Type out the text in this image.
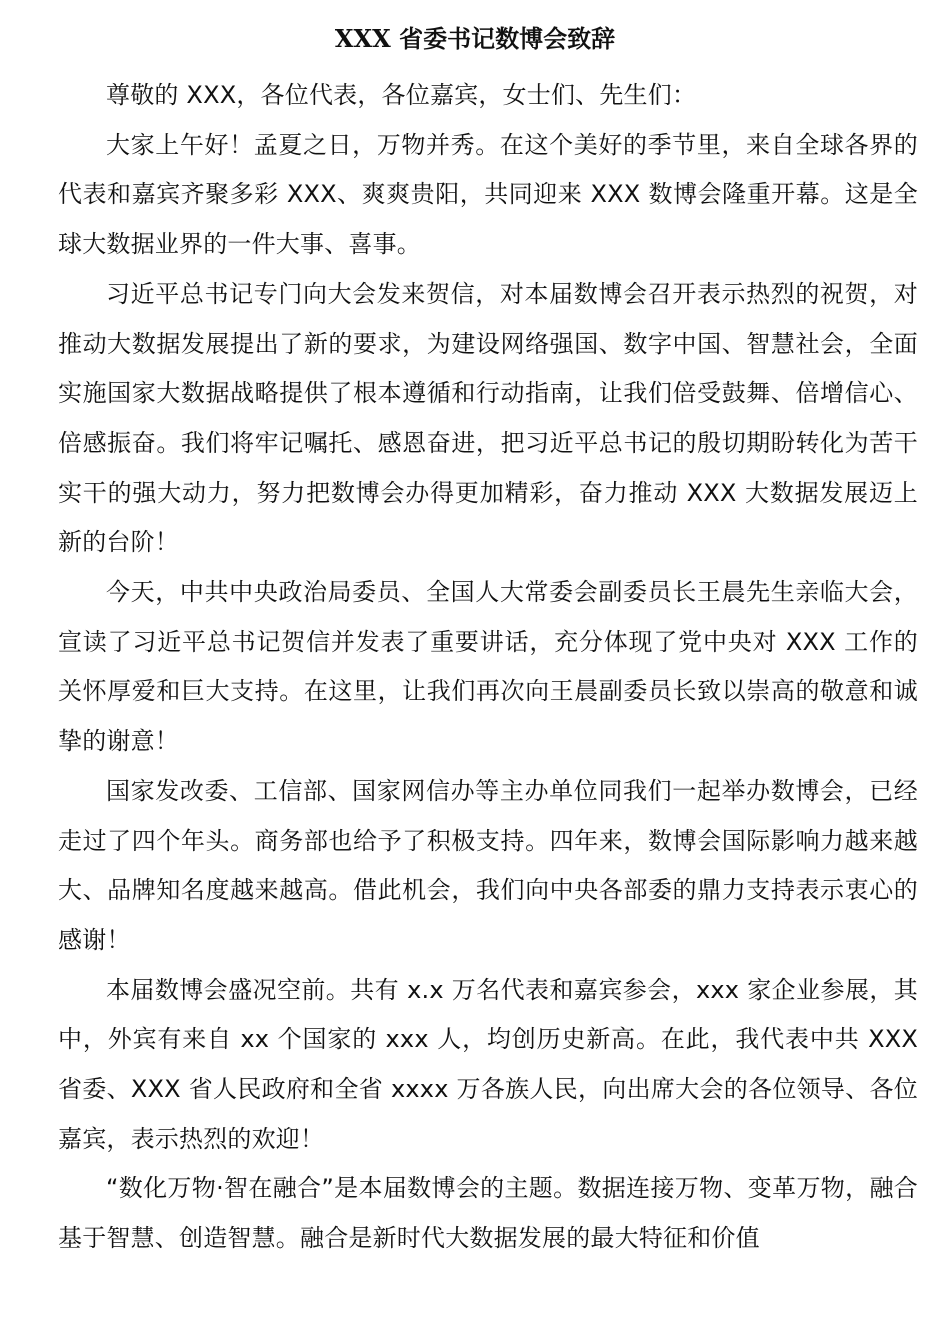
XXX 省委书记数博会致辞

尊敬的 XXX，各位代表，各位嘉宾，女士们、先生们：

大家上午好！孟夏之日，万物并秀。在这个美好的季节里，来自全球各界的代表和嘉宾齐聚多彩 XXX、爽爽贵阳，共同迎来 XXX 数博会隆重开幕。这是全球大数据业界的一件大事、喜事。

习近平总书记专门向大会发来贺信，对本届数博会召开表示热烈的祝贺，对推动大数据发展提出了新的要求，为建设网络强国、数字中国、智慧社会，全面实施国家大数据战略提供了根本遵循和行动指南，让我们倍受鼓舞、倍增信心、倍感振奋。我们将牢记嘱托、感恩奋进，把习近平总书记的殷切期盼转化为苦干实干的强大动力，努力把数博会办得更加精彩，奋力推动 XXX 大数据发展迈上新的台阶！

今天，中共中央政治局委员、全国人大常委会副委员长王晨先生亲临大会，宣读了习近平总书记贺信并发表了重要讲话，充分体现了党中央对 XXX 工作的关怀厚爱和巨大支持。在这里，让我们再次向王晨副委员长致以崇高的敬意和诚挚的谢意！

国家发改委、工信部、国家网信办等主办单位同我们一起举办数博会，已经走过了四个年头。商务部也给予了积极支持。四年来，数博会国际影响力越来越大、品牌知名度越来越高。借此机会，我们向中央各部委的鼎力支持表示衷心的感谢！

本届数博会盛况空前。共有 x.x 万名代表和嘉宾参会，xxx 家企业参展，其中，外宾有来自 xx 个国家的 xxx 人，均创历史新高。在此，我代表中共 XXX 省委、XXX 省人民政府和全省 xxxx 万各族人民，向出席大会的各位领导、各位嘉宾，表示热烈的欢迎！

“数化万物·智在融合”是本届数博会的主题。数据连接万物、变革万物，融合基于智慧、创造智慧。融合是新时代大数据发展的最大特征和价值
